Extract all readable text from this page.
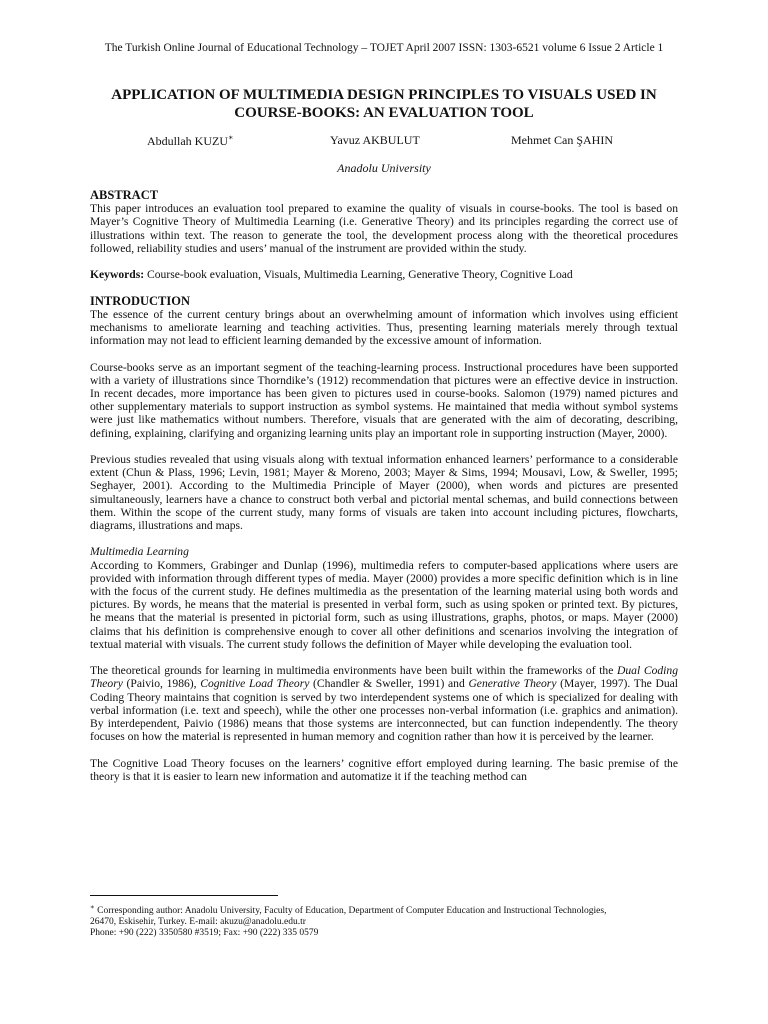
The Turkish Online Journal of Educational Technology – TOJET April 2007 ISSN: 1303-6521 volume 6 Issue 2 Article 1
APPLICATION OF MULTIMEDIA DESIGN PRINCIPLES TO VISUALS USED IN COURSE-BOOKS: AN EVALUATION TOOL
Abdullah KUZU∗	Yavuz AKBULUT	Mehmet Can ŞAHIN
Anadolu University
ABSTRACT

This paper introduces an evaluation tool prepared to examine the quality of visuals in course-books. The tool is based on Mayer’s Cognitive Theory of Multimedia Learning (i.e. Generative Theory) and its principles regarding the correct use of illustrations within text. The reason to generate the tool, the development process along with the theoretical procedures followed, reliability studies and users’ manual of the instrument are provided within the study.

Keywords: Course-book evaluation, Visuals, Multimedia Learning, Generative Theory, Cognitive Load

INTRODUCTION

The essence of the current century brings about an overwhelming amount of information which involves using efficient mechanisms to ameliorate learning and teaching activities. Thus, presenting learning materials merely through textual information may not lead to efficient learning demanded by the excessive amount of information.

Course-books serve as an important segment of the teaching-learning process. Instructional procedures have been supported with a variety of illustrations since Thorndike’s (1912) recommendation that pictures were an effective device in instruction. In recent decades, more importance has been given to pictures used in course-books. Salomon (1979) named pictures and other supplementary materials to support instruction as symbol systems. He maintained that media without symbol systems were just like mathematics without numbers. Therefore, visuals that are generated with the aim of decorating, describing, defining, explaining, clarifying and organizing learning units play an important role in supporting instruction (Mayer, 2000).

Previous studies revealed that using visuals along with textual information enhanced learners’ performance to a considerable extent (Chun & Plass, 1996; Levin, 1981; Mayer & Moreno, 2003; Mayer & Sims, 1994; Mousavi, Low, & Sweller, 1995; Seghayer, 2001). According to the Multimedia Principle of Mayer (2000), when words and pictures are presented simultaneously, learners have a chance to construct both verbal and pictorial mental schemas, and build connections between them. Within the scope of the current study, many forms of visuals are taken into account including pictures, flowcharts, diagrams, illustrations and maps.

Multimedia Learning

According to Kommers, Grabinger and Dunlap (1996), multimedia refers to computer-based applications where users are provided with information through different types of media. Mayer (2000) provides a more specific definition which is in line with the focus of the current study. He defines multimedia as the presentation of the learning material using both words and pictures. By words, he means that the material is presented in verbal form, such as using spoken or printed text. By pictures, he means that the material is presented in pictorial form, such as using illustrations, graphs, photos, or maps. Mayer (2000) claims that his definition is comprehensive enough to cover all other definitions and scenarios involving the integration of textual material with visuals. The current study follows the definition of Mayer while developing the evaluation tool.

The theoretical grounds for learning in multimedia environments have been built within the frameworks of the Dual Coding Theory (Paivio, 1986), Cognitive Load Theory (Chandler & Sweller, 1991) and Generative Theory (Mayer, 1997). The Dual Coding Theory maintains that cognition is served by two interdependent systems one of which is specialized for dealing with verbal information (i.e. text and speech), while the other one processes non-verbal information (i.e. graphics and animation). By interdependent, Paivio (1986) means that those systems are interconnected, but can function independently. The theory focuses on how the material is represented in human memory and cognition rather than how it is perceived by the learner.

The Cognitive Load Theory focuses on the learners’ cognitive effort employed during learning. The basic premise of the theory is that it is easier to learn new information and automatize it if the teaching method can

∗ Corresponding author: Anadolu University, Faculty of Education, Department of Computer Education and Instructional Technologies,
26470, Eskisehir, Turkey. E-mail: akuzu@anadolu.edu.tr
Phone: +90 (222) 3350580 #3519; Fax: +90 (222) 335 0579
